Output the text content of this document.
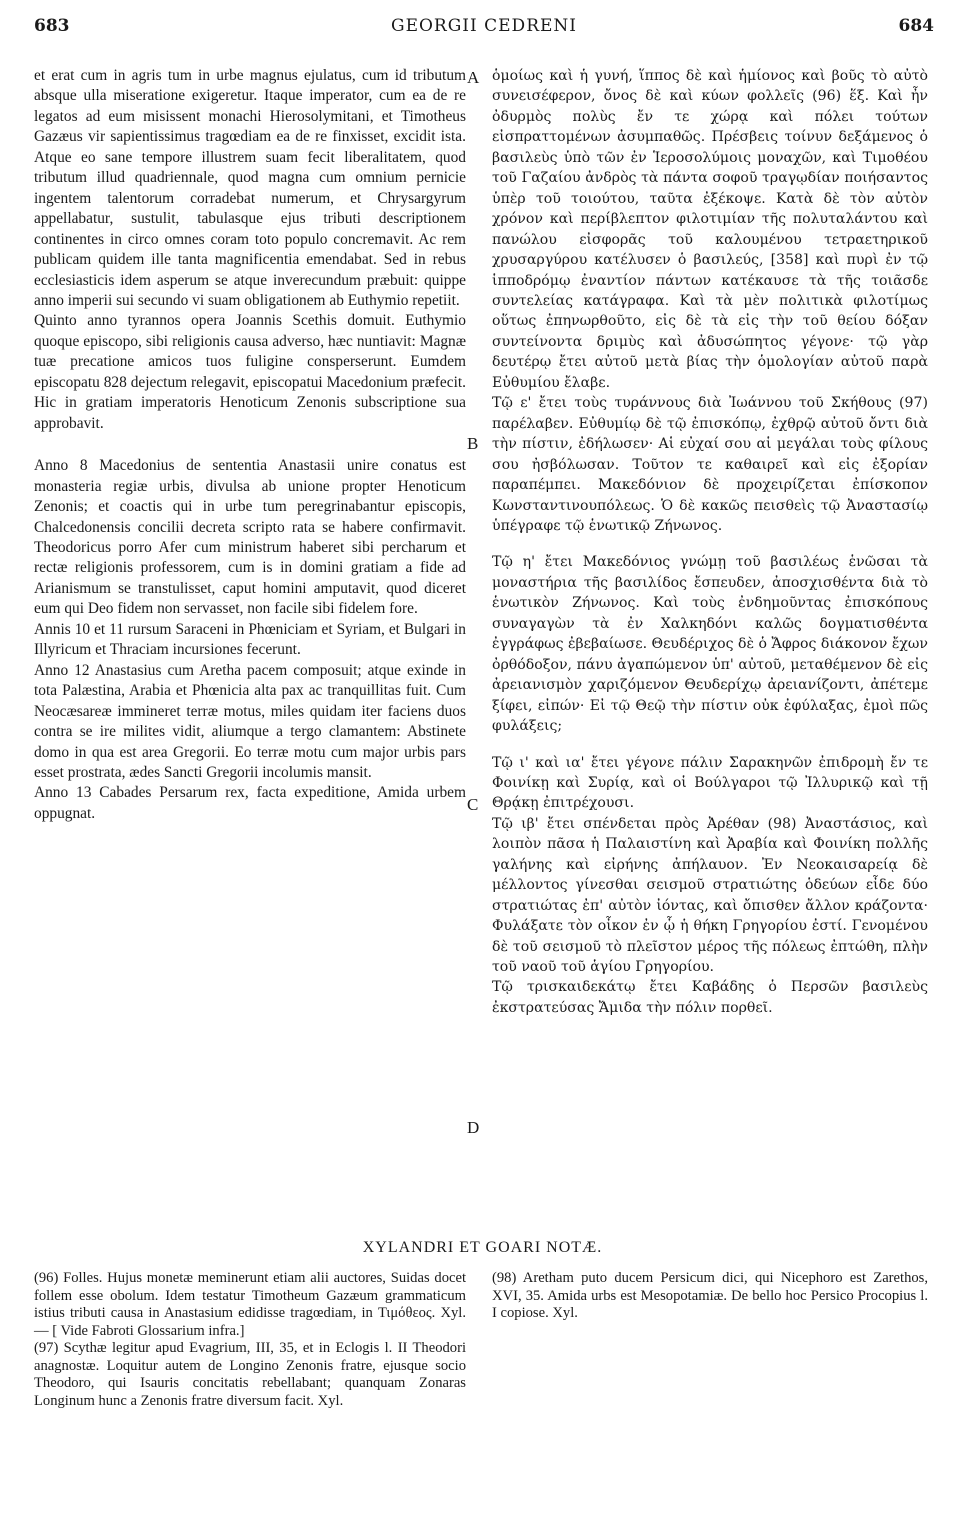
683	GEORGII CEDRENI	684

et erat cum in agris tum in urbe magnus ejulatus, cum id tributum absque ulla miseratione exigeretur. Itaque imperator, cum ea de re legatos ad eum misissent monachi Hierosolymitani, et Timotheus Gazæus vir sapientissimus tragœdiam ea de re finxisset, excidit ista. Atque eo sane tempore illustrem suam fecit liberalitatem, quod tributum illud quadriennale, quod magna cum omnium pernicie ingentem talentorum corradebat numerum, et Chrysargyrum appellabatur, sustulit, tabulasque ejus tributi descriptionem continentes in circo omnes coram toto populo concremavit. Ac rem publicam quidem ille tanta magnificentia emendabat. Sed in rebus ecclesiasticis idem asperum se atque inverecundum præbuit: quippe anno imperii sui secundo vi suam obligationem ab Euthymio repetiit.

Quinto anno tyrannos opera Joannis Scethis domuit. Euthymio quoque episcopo, sibi religionis causa adverso, hæc nuntiavit: Magnæ tuæ precatione amicos tuos fuligine consperserunt. Eumdem episcopatu 828 dejectum relegavit, episcopatui Macedonium præfecit. Hic in gratiam imperatoris Henoticum Zenonis subscriptione sua approbavit.

Anno 8 Macedonius de sententia Anastasii unire conatus est monasteria regiæ urbis, divulsa ab unione propter Henoticum Zenonis; et coactis qui in urbe tum peregrinabantur episcopis, Chalcedonensis concilii decreta scripto rata se habere confirmavit. Theodoricus porro Afer cum ministrum haberet sibi percharum et rectæ religionis professorem, cum is in domini gratiam a fide ad Arianismum se transtulisset, caput homini amputavit, quod diceret eum qui Deo fidem non servasset, non facile sibi fidelem fore.

Annis 10 et 11 rursum Saraceni in Phœniciam et Syriam, et Bulgari in Illyricum et Thraciam incursiones fecerunt.

Anno 12 Anastasius cum Aretha pacem composuit; atque exinde in tota Palæstina, Arabia et Phœnicia alta pax ac tranquillitas fuit. Cum Neocæsareæ immineret terræ motus, miles quidam iter faciens duos contra se ire milites vidit, aliumque a tergo clamantem: Abstinete domo in qua est area Gregorii. Eo terræ motu cum major urbis pars esset prostrata, ædes Sancti Gregorii incolumis mansit.

Anno 13 Cabades Persarum rex, facta expeditione, Amida urbem oppugnat.

A
B
C
D

ὁμοίως καὶ ἡ γυνή, ἵππος δὲ καὶ ἡμίονος καὶ βοῦς τὸ αὐτὸ συνεισέφερον, ὄνος δὲ καὶ κύων φολλεῖς (96) ἕξ. Καὶ ἦν ὀδυρμὸς πολὺς ἔν τε χώρᾳ καὶ πόλει τούτων εἰσπραττομένων ἀσυμπαθῶς. Πρέσβεις τοίνυν δεξάμενος ὁ βασιλεὺς ὑπὸ τῶν ἐν Ἱεροσολύμοις μοναχῶν, καὶ Τιμοθέου τοῦ Γαζαίου ἀνδρὸς τὰ πάντα σοφοῦ τραγῳδίαν ποιήσαντος ὑπὲρ τοῦ τοιούτου, ταῦτα ἐξέκοψε. Κατὰ δὲ τὸν αὐτὸν χρόνον καὶ περίβλεπτον φιλοτιμίαν τῆς πολυταλάντου καὶ πανώλου εἰσφορᾶς τοῦ καλουμένου τετραετηρικοῦ χρυσαργύρου κατέλυσεν ὁ βασιλεύς, [358] καὶ πυρὶ ἐν τῷ ἱπποδρόμῳ ἐναντίον πάντων κατέκαυσε τὰ τῆς τοιᾶσδε συντελείας κατάγραφα. Καὶ τὰ μὲν πολιτικὰ φιλοτίμως οὕτως ἐπηνωρθοῦτο, εἰς δὲ τὰ εἰς τὴν τοῦ θείου δόξαν συντείνοντα δριμὺς καὶ ἀδυσώπητος γέγονε· τῷ γὰρ δευτέρῳ ἔτει αὐτοῦ μετὰ βίας τὴν ὁμολογίαν αὐτοῦ παρὰ Εὐθυμίου ἔλαβε.

Τῷ ε' ἔτει τοὺς τυράννους διὰ Ἰωάννου τοῦ Σκήθους (97) παρέλαβεν. Εὐθυμίῳ δὲ τῷ ἐπισκόπῳ, ἐχθρῷ αὐτοῦ ὄντι διὰ τὴν πίστιν, ἐδήλωσεν· Αἱ εὐχαί σου αἱ μεγάλαι τοὺς φίλους σου ἠσβόλωσαν. Τοῦτον τε καθαιρεῖ καὶ εἰς ἐξορίαν παραπέμπει. Μακεδόνιον δὲ προχειρίζεται ἐπίσκοπον Κωνσταντινουπόλεως. Ὁ δὲ κακῶς πεισθεὶς τῷ Ἀναστασίῳ ὑπέγραφε τῷ ἑνωτικῷ Ζήνωνος.

Τῷ η' ἔτει Μακεδόνιος γνώμῃ τοῦ βασιλέως ἑνῶσαι τὰ μοναστήρια τῆς βασιλίδος ἔσπευδεν, ἀποσχισθέντα διὰ τὸ ἑνωτικὸν Ζήνωνος. Καὶ τοὺς ἐνδημοῦντας ἐπισκόπους συναγαγὼν τὰ ἐν Χαλκηδόνι καλῶς δογματισθέντα ἐγγράφως ἐβεβαίωσε. Θευδέριχος δὲ ὁ Ἄφρος διάκονον ἔχων ὀρθόδοξον, πάνυ ἀγαπώμενον ὑπ' αὐτοῦ, μεταθέμενον δὲ εἰς ἀρειανισμὸν χαριζόμενον Θευδερίχῳ ἀρειανίζοντι, ἀπέτεμε ξίφει, εἰπών· Εἰ τῷ Θεῷ τὴν πίστιν οὐκ ἐφύλαξας, ἐμοὶ πῶς φυλάξεις;

Τῷ ι' καὶ ια' ἔτει γέγονε πάλιν Σαρακηνῶν ἐπιδρομὴ ἔν τε Φοινίκῃ καὶ Συρίᾳ, καὶ οἱ Βούλγαροι τῷ Ἰλλυρικῷ καὶ τῇ Θρᾴκῃ ἐπιτρέχουσι.

Τῷ ιβ' ἔτει σπένδεται πρὸς Ἀρέθαν (98) Ἀναστάσιος, καὶ λοιπὸν πᾶσα ἡ Παλαιστίνη καὶ Ἀραβία καὶ Φοινίκη πολλῆς γαλήνης καὶ εἰρήνης ἀπήλαυον. Ἐν Νεοκαισαρείᾳ δὲ μέλλοντος γίνεσθαι σεισμοῦ στρατιώτης ὁδεύων εἶδε δύο στρατιώτας ἐπ' αὐτὸν ἰόντας, καὶ ὄπισθεν ἄλλον κράζοντα· Φυλάξατε τὸν οἶκον ἐν ᾧ ἡ θήκη Γρηγορίου ἐστί. Γενομένου δὲ τοῦ σεισμοῦ τὸ πλεῖστον μέρος τῆς πόλεως ἐπτώθη, πλὴν τοῦ ναοῦ τοῦ ἁγίου Γρηγορίου.

Τῷ τρισκαιδεκάτῳ ἔτει Καβάδης ὁ Περσῶν βασιλεὺς ἐκστρατεύσας Ἄμιδα τὴν πόλιν πορθεῖ.

XYLANDRI ET GOARI NOTÆ.

(96) Folles. Hujus monetæ meminerunt etiam alii auctores, Suidas docet follem esse obolum. Idem testatur Timotheum Gazæum grammaticum istius tributi causa in Anastasium edidisse tragœdiam, in Τιμόθεος. Xyl. — [ Vide Fabroti Glossarium infra.]

(97) Scythæ legitur apud Evagrium, III, 35, et in Eclogis l. II Theodori anagnostæ. Loquitur autem de Longino Zenonis fratre, ejusque socio Theodoro, qui Isauris concitatis rebellabant; quanquam Zonaras Longinum hunc a Zenonis fratre diversum facit. Xyl.

(98) Aretham puto ducem Persicum dici, qui Nicephoro est Zarethos, XVI, 35. Amida urbs est Mesopotamiæ. De bello hoc Persico Procopius l. I copiose. Xyl.
